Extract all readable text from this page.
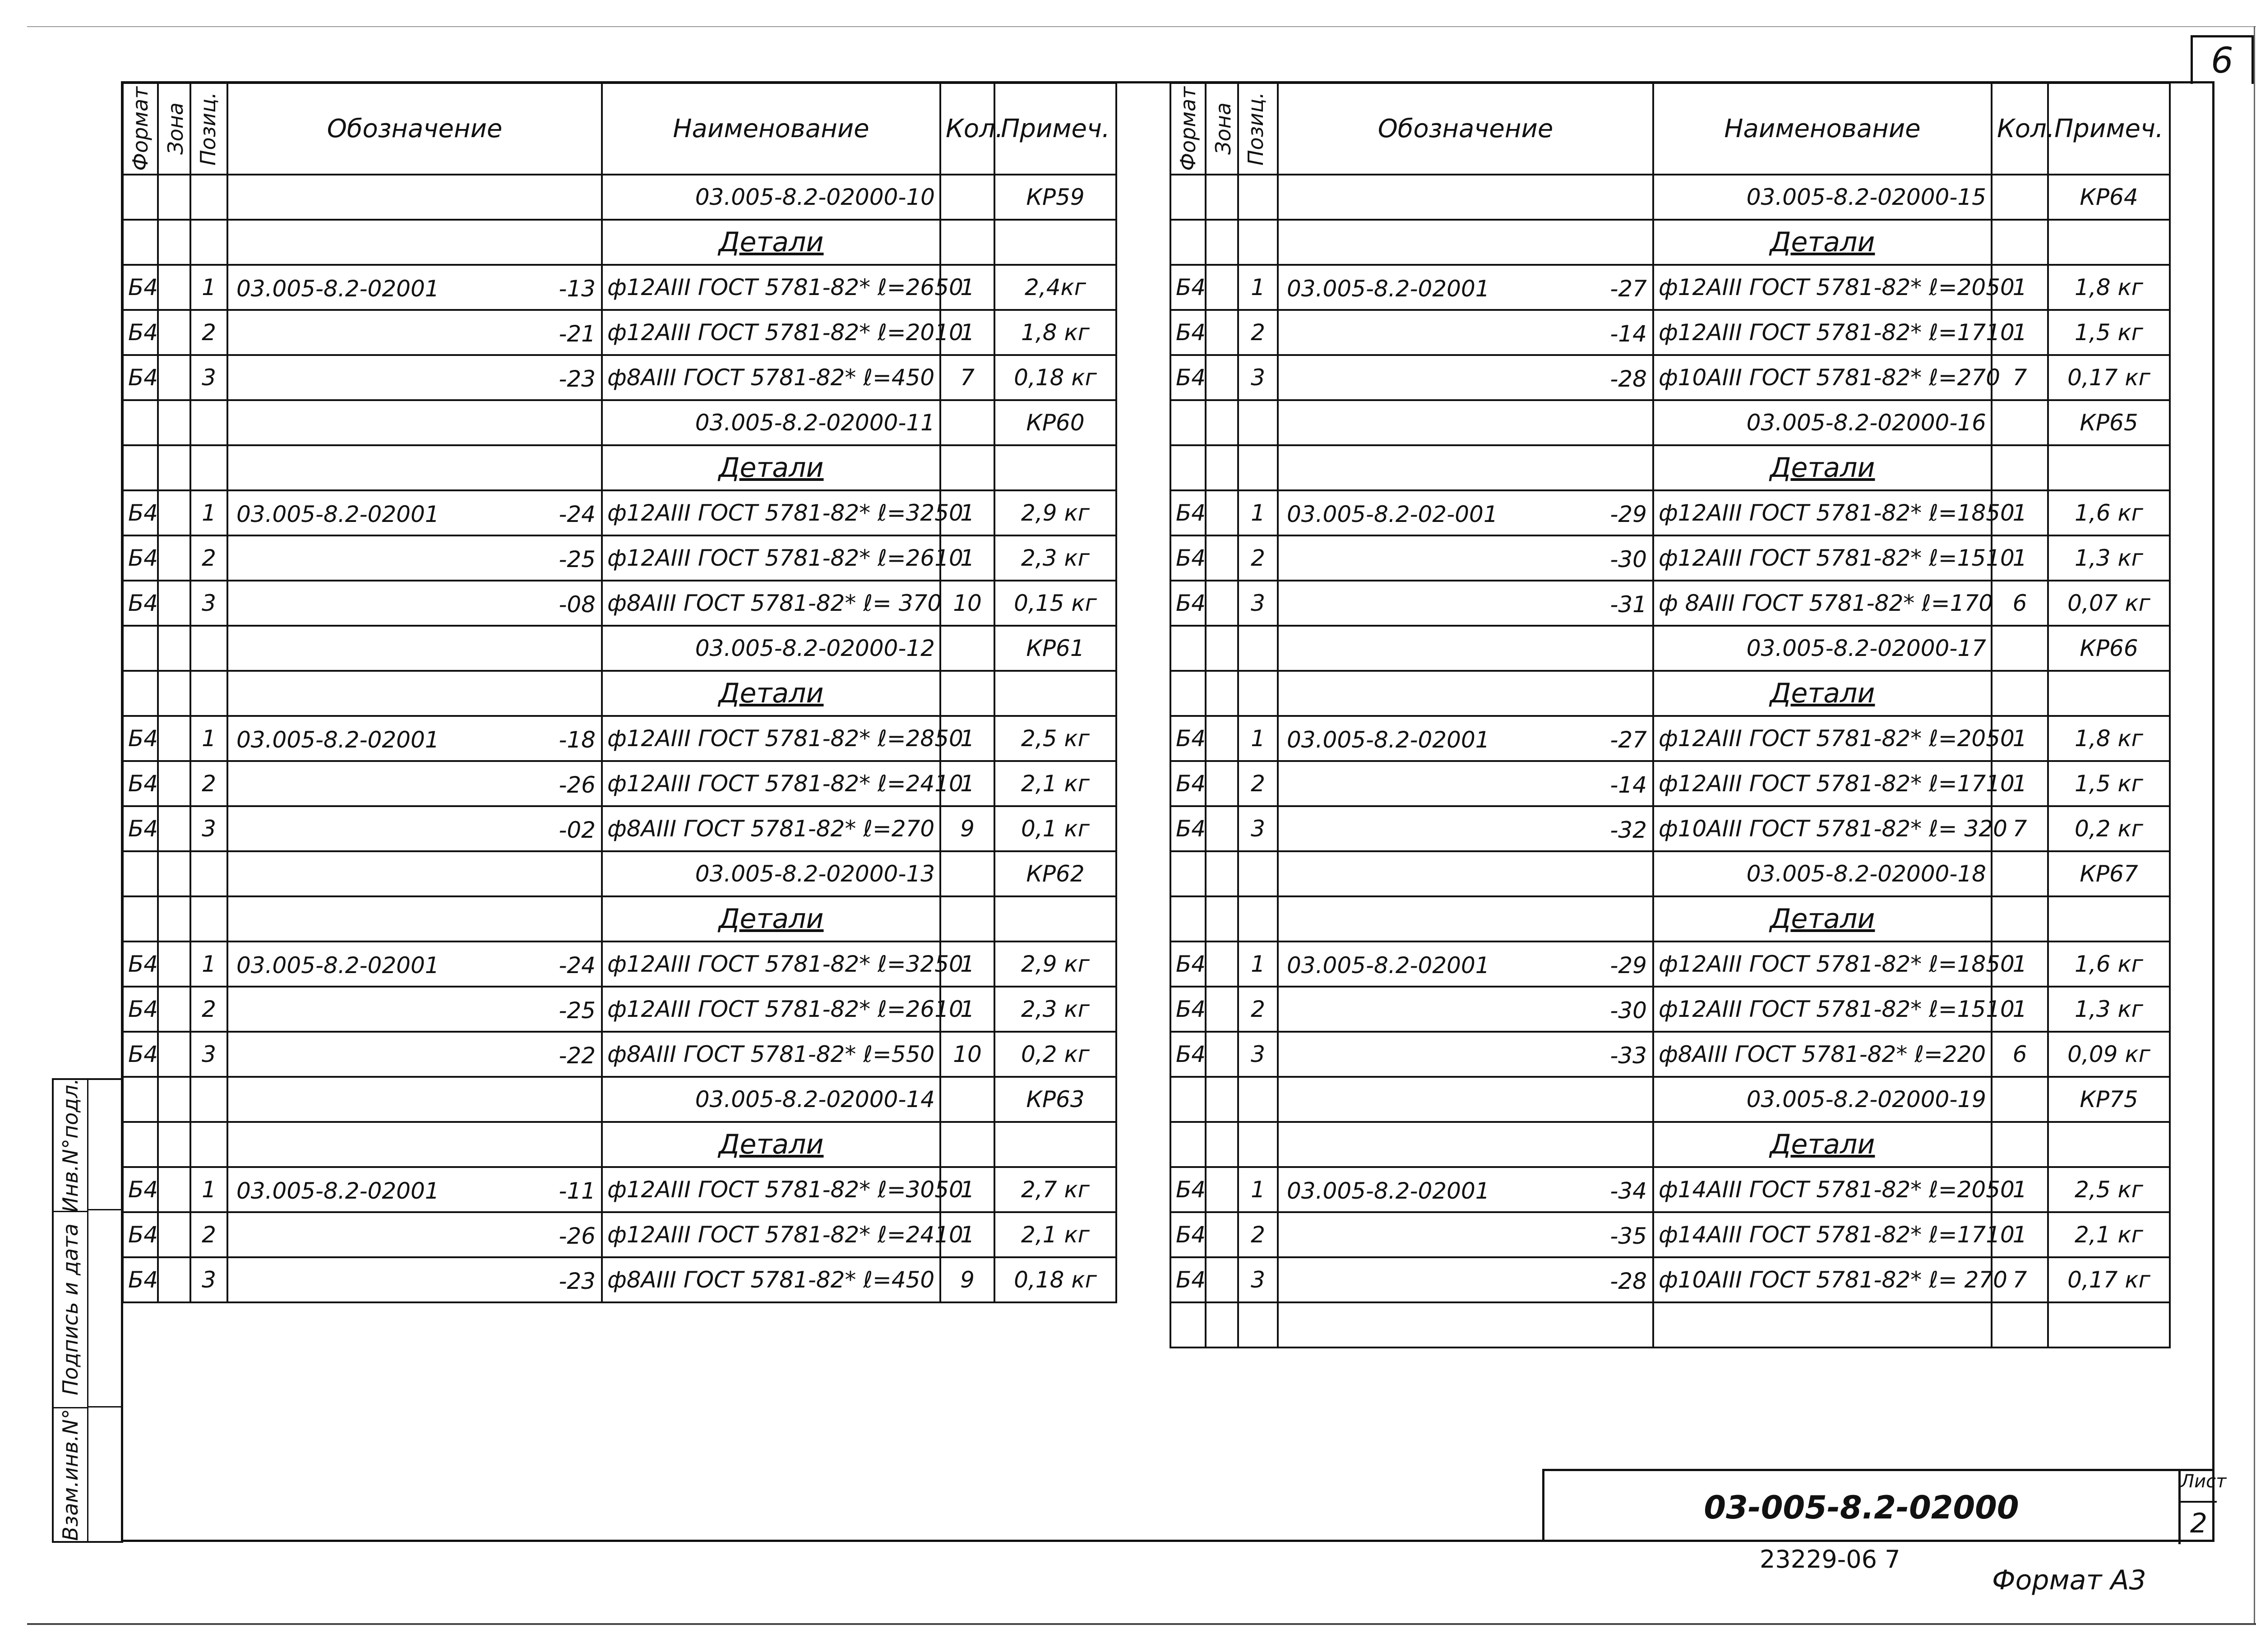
6
Формат	Зона	Позиц.	Обозначение	Наименование	Кол.	Примеч.
				03.005-8.2-02000-10		КР59
				Детали		
Б4		1	03.005-8.2-02001 -13	ф12АIII ГОСТ 5781-82* ℓ=2650	1	2,4кг
Б4		2	-21	ф12АIII ГОСТ 5781-82* ℓ=2010	1	1,8 кг
Б4		3	-23	ф8АIII ГОСТ 5781-82* ℓ=450	7	0,18 кг
				03.005-8.2-02000-11		КР60
				Детали		
Б4		1	03.005-8.2-02001 -24	ф12АIII ГОСТ 5781-82* ℓ=3250	1	2,9 кг
Б4		2	-25	ф12АIII ГОСТ 5781-82* ℓ=2610	1	2,3 кг
Б4		3	-08	ф8АIII ГОСТ 5781-82* ℓ= 370	10	0,15 кг
				03.005-8.2-02000-12		КР61
				Детали		
Б4		1	03.005-8.2-02001 -18	ф12АIII ГОСТ 5781-82* ℓ=2850	1	2,5 кг
Б4		2	-26	ф12АIII ГОСТ 5781-82* ℓ=2410	1	2,1 кг
Б4		3	-02	ф8АIII ГОСТ 5781-82* ℓ=270	9	0,1 кг
				03.005-8.2-02000-13		КР62
				Детали		
Б4		1	03.005-8.2-02001 -24	ф12АIII ГОСТ 5781-82* ℓ=3250	1	2,9 кг
Б4		2	-25	ф12АIII ГОСТ 5781-82* ℓ=2610	1	2,3 кг
Б4		3	-22	ф8АIII ГОСТ 5781-82* ℓ=550	10	0,2 кг
				03.005-8.2-02000-14		КР63
				Детали		
Б4		1	03.005-8.2-02001 -11	ф12АIII ГОСТ 5781-82* ℓ=3050	1	2,7 кг
Б4		2	-26	ф12АIII ГОСТ 5781-82* ℓ=2410	1	2,1 кг
Б4		3	-23	ф8АIII ГОСТ 5781-82* ℓ=450	9	0,18 кг
Формат	Зона	Позиц.	Обозначение	Наименование	Кол.	Примеч.
				03.005-8.2-02000-15		КР64
				Детали		
Б4		1	03.005-8.2-02001 -27	ф12АIII ГОСТ 5781-82* ℓ=2050	1	1,8 кг
Б4		2	-14	ф12АIII ГОСТ 5781-82* ℓ=1710	1	1,5 кг
Б4		3	-28	ф10АIII ГОСТ 5781-82* ℓ=270	7	0,17 кг
				03.005-8.2-02000-16		КР65
				Детали		
Б4		1	03.005-8.2-02-001 -29	ф12АIII ГОСТ 5781-82* ℓ=1850	1	1,6 кг
Б4		2	-30	ф12АIII ГОСТ 5781-82* ℓ=1510	1	1,3 кг
Б4		3	-31	ф 8АIII ГОСТ 5781-82* ℓ=170	6	0,07 кг
				03.005-8.2-02000-17		КР66
				Детали		
Б4		1	03.005-8.2-02001 -27	ф12АIII ГОСТ 5781-82* ℓ=2050	1	1,8 кг
Б4		2	-14	ф12АIII ГОСТ 5781-82* ℓ=1710	1	1,5 кг
Б4		3	-32	ф10АIII ГОСТ 5781-82* ℓ= 320	7	0,2 кг
				03.005-8.2-02000-18		КР67
				Детали		
Б4		1	03.005-8.2-02001 -29	ф12АIII ГОСТ 5781-82* ℓ=1850	1	1,6 кг
Б4		2	-30	ф12АIII ГОСТ 5781-82* ℓ=1510	1	1,3 кг
Б4		3	-33	ф8АIII ГОСТ 5781-82* ℓ=220	6	0,09 кг
				03.005-8.2-02000-19		КР75
				Детали		
Б4		1	03.005-8.2-02001 -34	ф14АIII ГОСТ 5781-82* ℓ=2050	1	2,5 кг
Б4		2	-35	ф14АIII ГОСТ 5781-82* ℓ=1710	1	2,1 кг
Б4		3	-28	ф10АIII ГОСТ 5781-82* ℓ= 270	7	0,17 кг

Инв.N°подл.
Подпись и дата
Взам.инв.N°	03-005-8.2-02000
Лист
2
23229-06 7
Формат А3
